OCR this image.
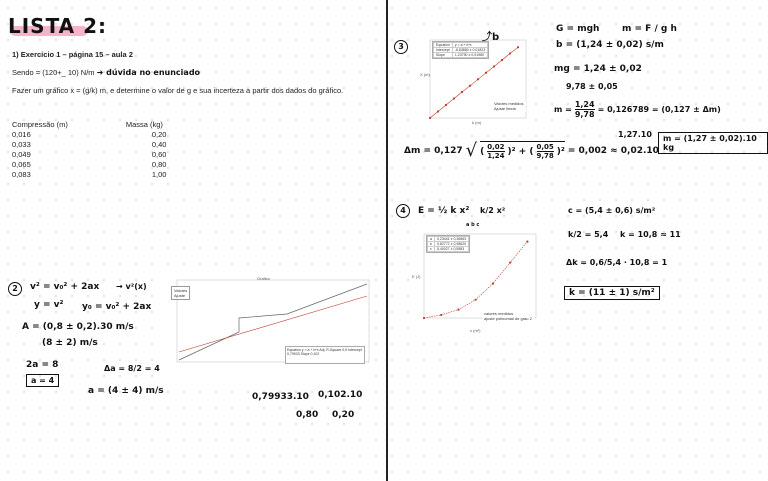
LISTA 2:
1) Exercício 1 – página 15 – aula 2
Sendo = (120+_ 10) N/m ➜ dúvida no enunciado
Fazer um gráfico x = (g/k) m, e determine o valor de g e sua incerteza a partir dos dados do gráfico.
Compressão (m)	Massa (kg)
0,016	0,20
0,033	0,40
0,049	0,60
0,065	0,80
0,083	1,00
2	v² = v₀² + 2ax → v²(x)
y = v² y₀ = v₀² + 2ax
A = (0,8 ± 0,2).30 m/s
(8 ± 2) m/s
2a = 8
a = 4
Δa = 8/2 = 4
a = (4 ± 4) m/s
Gráfico
Valores
Ajuste
Equation y = a + b*x Adj. R-Square 0,9 Intercept 0,79933 Slope 0,102
0,79933.10 0,102.10
0,80 0,20
3	Equation	y = a + b*x
Intercept	-8,83880 ± 0,01823
Slope	1,23790 ± 0,01980
Valores medidos
Ajuste linear
k (m)
X (m)
⤴b
G = mgh	m = F / g h
b = (1,24 ± 0,02) s/m
mg = 1,24 ± 0,02
9,78 ± 0,05
$m = \frac{1,24}{9,78} = 0,126789 = (0,127 \pm \Delta m)$
Δm = 0,127 √ ( 0,02
1,24 )² + ( 0,05
9,78 )² = 0,002 ≈ 0,02.10
1,27.10	m = (1,27 ± 0,02).10 kg
4	E = ½ k x² k/2 x²
a b c
a	0,23441 ± 0,36563
b	0,82772 ± 0,98620
c	5,40027 ± 0,5583
valores medidos
ajuste polinomial de grau 2
x (m²)
E (J)
c = (5,4 ± 0,6) s/m²
k/2 = 5,4 k = 10,8 ≈ 11
Δk = 0,6/5,4 · 10,8 = 1
k = (11 ± 1) s/m²
